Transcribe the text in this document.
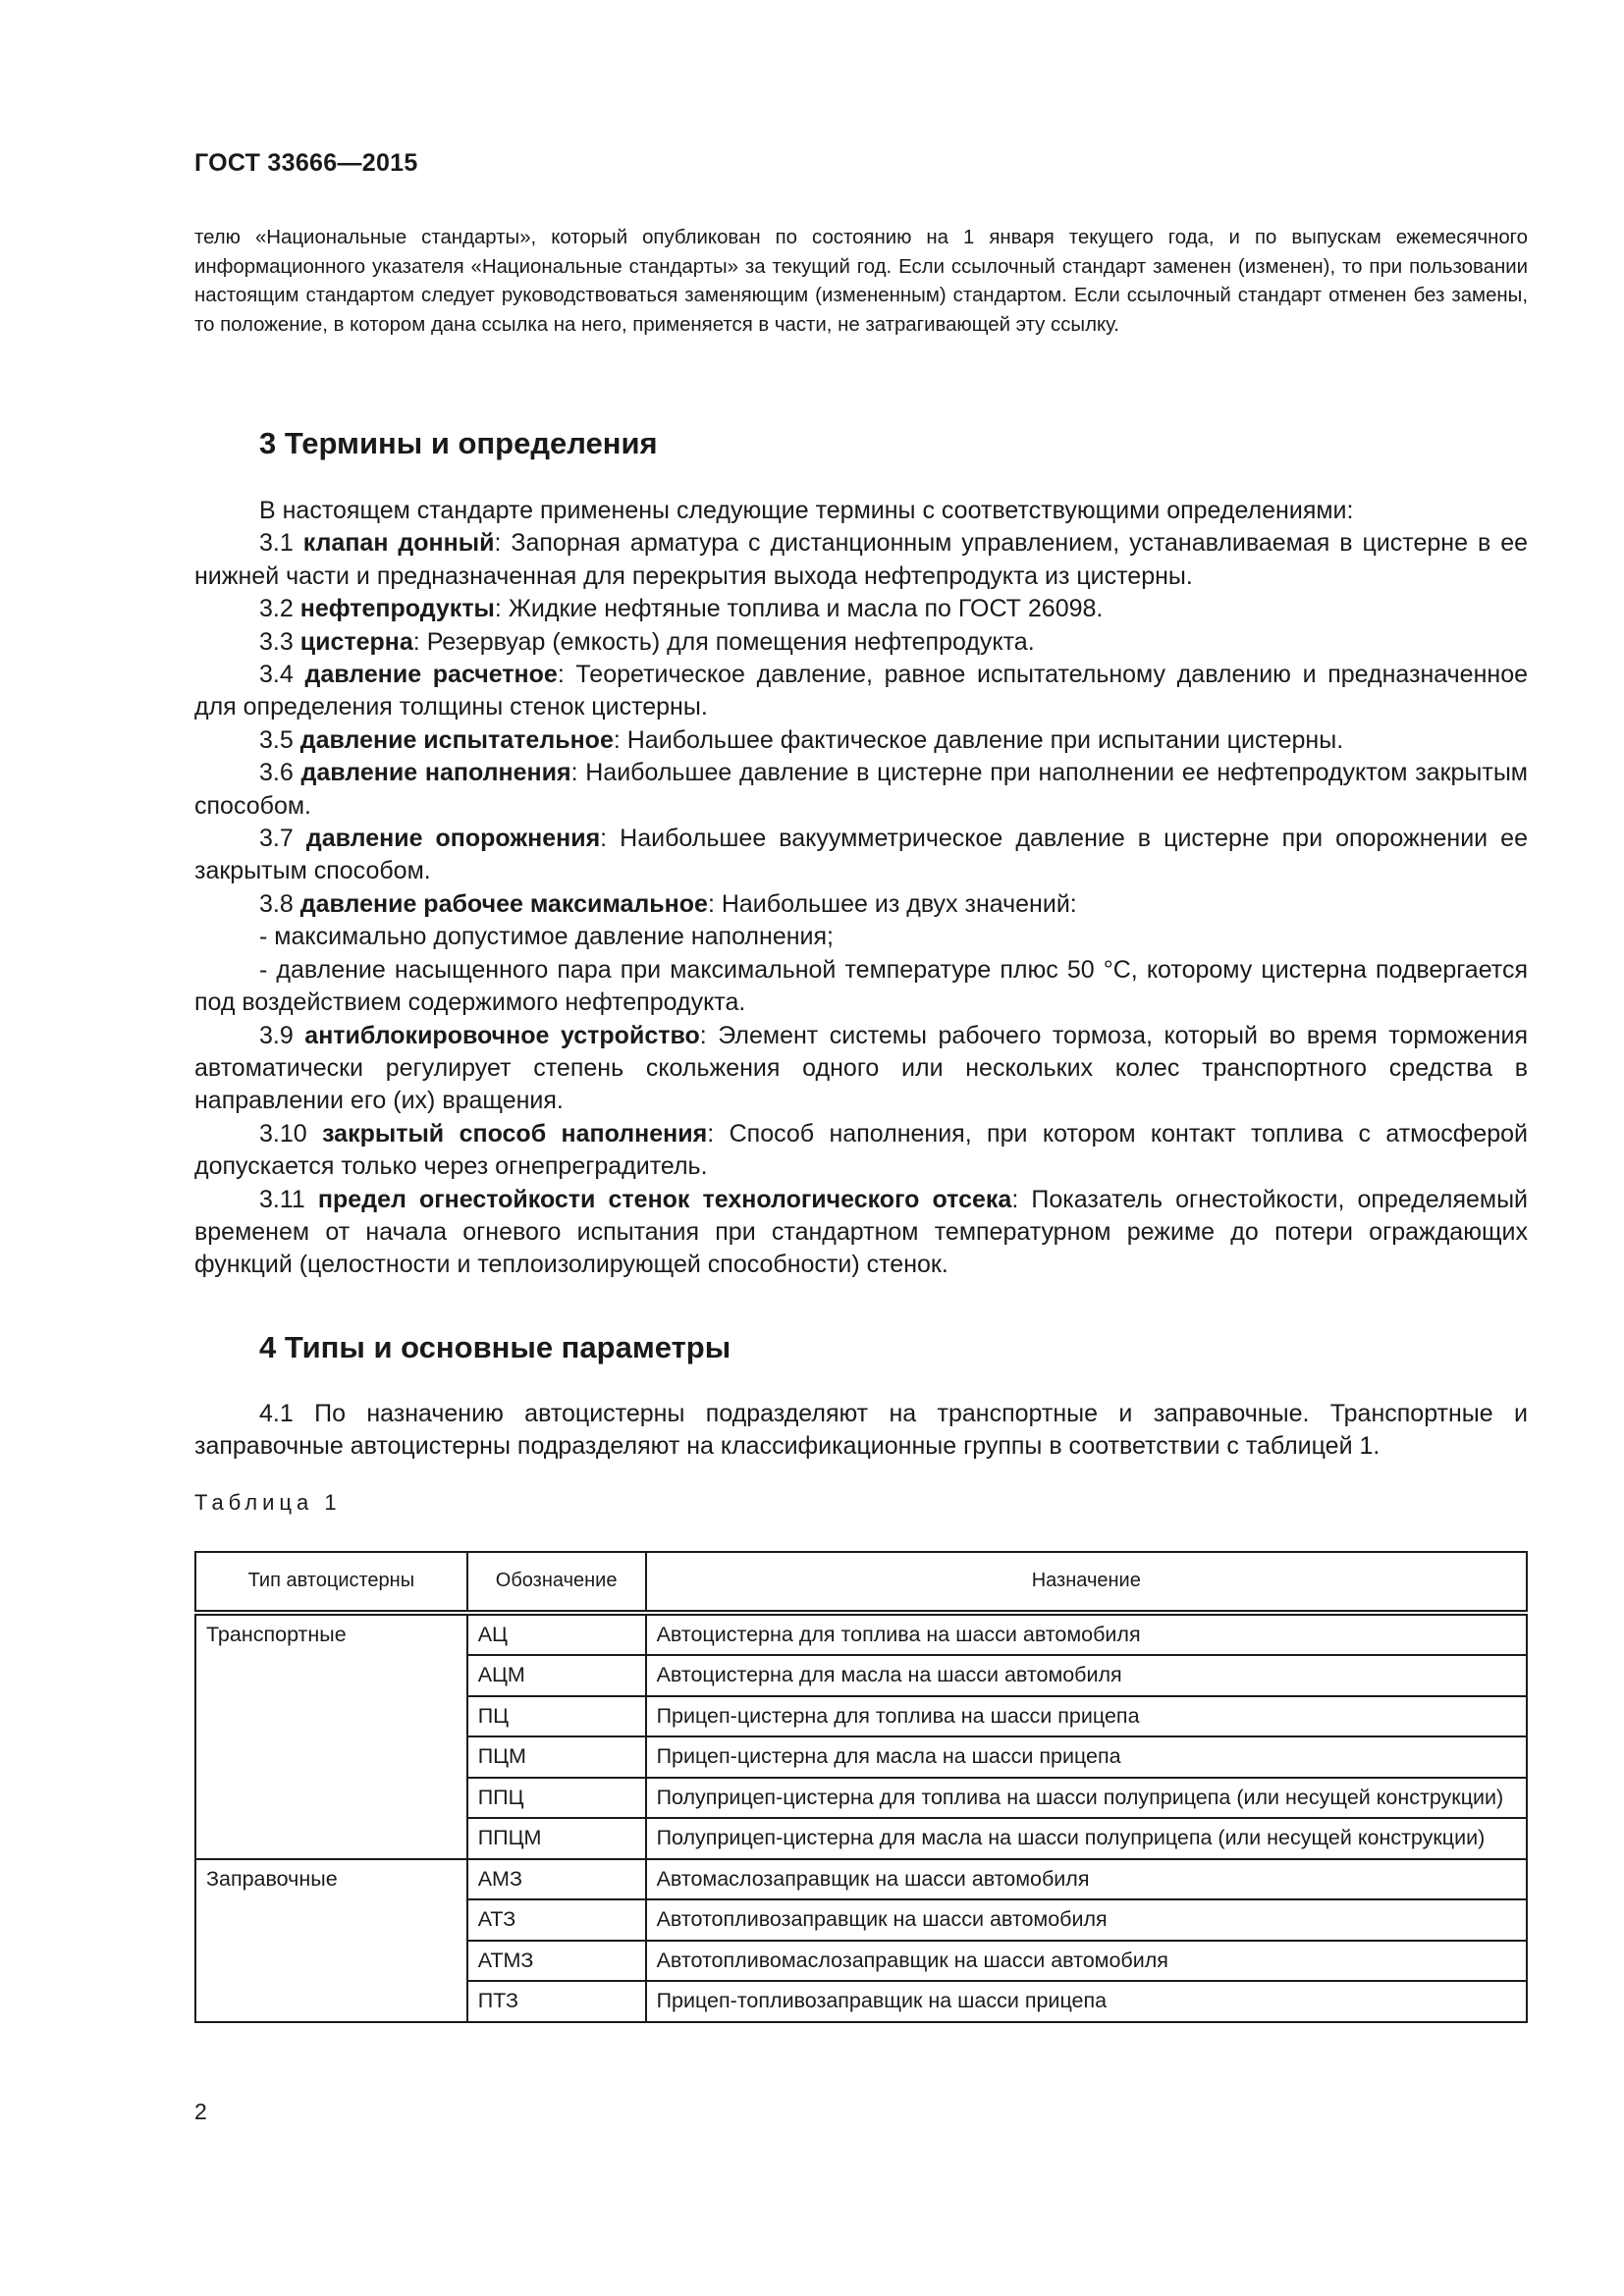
ГОСТ 33666—2015

телю «Национальные стандарты», который опубликован по состоянию на 1 января текущего года, и по выпускам ежемесячного информационного указателя «Национальные стандарты» за текущий год. Если ссылочный стандарт заменен (изменен), то при пользовании настоящим стандартом следует руководствоваться заменяющим (измененным) стандартом. Если ссылочный стандарт отменен без замены, то положение, в котором дана ссылка на него, применяется в части, не затрагивающей эту ссылку.

3 Термины и определения

В настоящем стандарте применены следующие термины с соответствующими определениями:

3.1 клапан донный: Запорная арматура с дистанционным управлением, устанавливаемая в цистерне в ее нижней части и предназначенная для перекрытия выхода нефтепродукта из цистерны.

3.2 нефтепродукты: Жидкие нефтяные топлива и масла по ГОСТ 26098.

3.3 цистерна: Резервуар (емкость) для помещения нефтепродукта.

3.4 давление расчетное: Теоретическое давление, равное испытательному давлению и предназначенное для определения толщины стенок цистерны.

3.5 давление испытательное: Наибольшее фактическое давление при испытании цистерны.

3.6 давление наполнения: Наибольшее давление в цистерне при наполнении ее нефтепродуктом закрытым способом.

3.7 давление опорожнения: Наибольшее вакуумметрическое давление в цистерне при опорожнении ее закрытым способом.

3.8 давление рабочее максимальное: Наибольшее из двух значений:

- максимально допустимое давление наполнения;

- давление насыщенного пара при максимальной температуре плюс 50 °С, которому цистерна подвергается под воздействием содержимого нефтепродукта.

3.9 антиблокировочное устройство: Элемент системы рабочего тормоза, который во время торможения автоматически регулирует степень скольжения одного или нескольких колес транспортного средства в направлении его (их) вращения.

3.10 закрытый способ наполнения: Способ наполнения, при котором контакт топлива с атмосферой допускается только через огнепреградитель.

3.11 предел огнестойкости стенок технологического отсека: Показатель огнестойкости, определяемый временем от начала огневого испытания при стандартном температурном режиме до потери ограждающих функций (целостности и теплоизолирующей способности) стенок.

4 Типы и основные параметры

4.1 По назначению автоцистерны подразделяют на транспортные и заправочные. Транспортные и заправочные автоцистерны подразделяют на классификационные группы в соответствии с таблицей 1.

Таблица 1
Тип автоцистерны	Обозначение	Назначение
Транспортные	АЦ	Автоцистерна для топлива на шасси автомобиля
	АЦМ	Автоцистерна для масла на шасси автомобиля
	ПЦ	Прицеп-цистерна для топлива на шасси прицепа
	ПЦМ	Прицеп-цистерна для масла на шасси прицепа
	ППЦ	Полуприцеп-цистерна для топлива на шасси полуприцепа (или несущей конструкции)
	ППЦМ	Полуприцеп-цистерна для масла на шасси полуприцепа (или несущей конструкции)
Заправочные	АМЗ	Автомаслозаправщик на шасси автомобиля
	АТЗ	Автотопливозаправщик на шасси автомобиля
	АТМЗ	Автотопливомаслозаправщик на шасси автомобиля
	ПТЗ	Прицеп-топливозаправщик на шасси прицепа
2
